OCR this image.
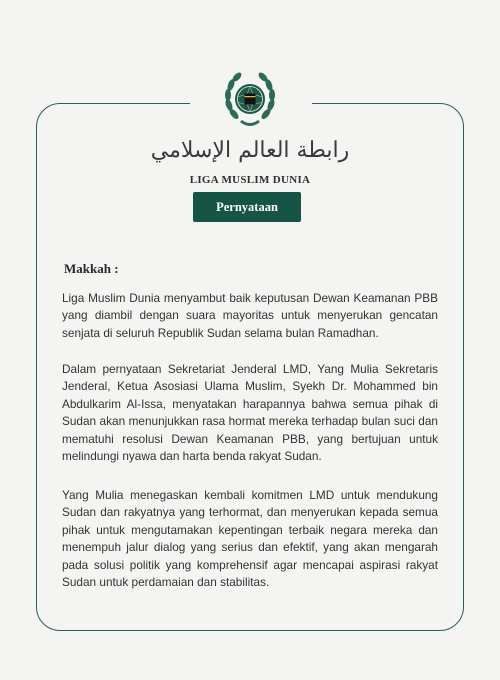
رابطة العالم الإسلامي
LIGA MUSLIM DUNIA
Pernyataan
Makkah :

Liga Muslim Dunia menyambut baik keputusan Dewan Keamanan PBB yang diambil dengan suara mayoritas untuk menyerukan gencatan senjata di seluruh Republik Sudan selama bulan Ramadhan.

Dalam pernyataan Sekretariat Jenderal LMD, Yang Mulia Sekretaris Jenderal, Ketua Asosiasi Ulama Muslim, Syekh Dr. Mohammed bin Abdulkarim Al-Issa, menyatakan harapannya bahwa semua pihak di Sudan akan menunjukkan rasa hormat mereka terhadap bulan suci dan mematuhi resolusi Dewan Keamanan PBB, yang bertujuan untuk melindungi nyawa dan harta benda rakyat Sudan.

Yang Mulia menegaskan kembali komitmen LMD untuk mendukung Sudan dan rakyatnya yang terhormat, dan menyerukan kepada semua pihak untuk mengutamakan kepentingan terbaik negara mereka dan menempuh jalur dialog yang serius dan efektif, yang akan mengarah pada solusi politik yang komprehensif agar mencapai aspirasi rakyat Sudan untuk perdamaian dan stabilitas.
